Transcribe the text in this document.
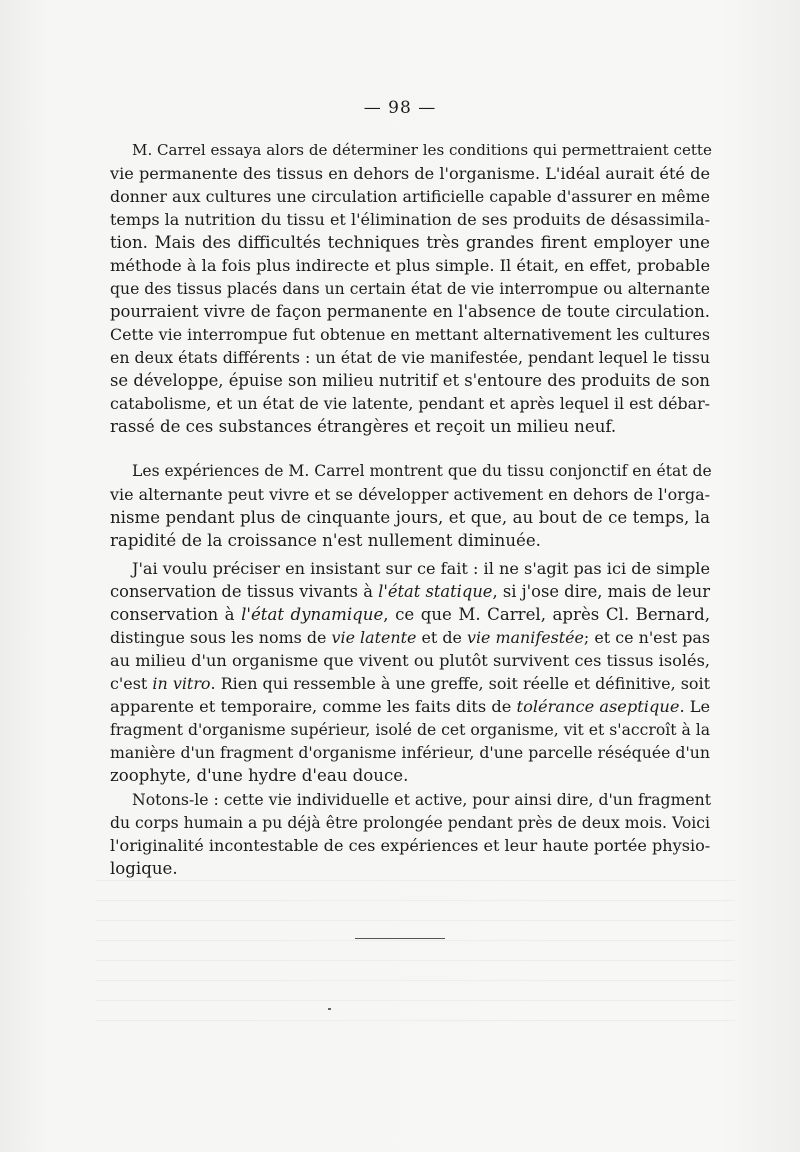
— 98 —
M. Carrel essaya alors de déterminer les conditions qui permettraient cette
vie permanente des tissus en dehors de l'organisme. L'idéal aurait été de
donner aux cultures une circulation artificielle capable d'assurer en même
temps la nutrition du tissu et l'élimination de ses produits de désassimila-
tion. Mais des difficultés techniques très grandes firent employer une
méthode à la fois plus indirecte et plus simple. Il était, en effet, probable
que des tissus placés dans un certain état de vie interrompue ou alternante
pourraient vivre de façon permanente en l'absence de toute circulation.
Cette vie interrompue fut obtenue en mettant alternativement les cultures
en deux états différents : un état de vie manifestée, pendant lequel le tissu
se développe, épuise son milieu nutritif et s'entoure des produits de son
catabolisme, et un état de vie latente, pendant et après lequel il est débar-
rassé de ces substances étrangères et reçoit un milieu neuf.
Les expériences de M. Carrel montrent que du tissu conjonctif en état de
vie alternante peut vivre et se développer activement en dehors de l'orga-
nisme pendant plus de cinquante jours, et que, au bout de ce temps, la
rapidité de la croissance n'est nullement diminuée.
J'ai voulu préciser en insistant sur ce fait : il ne s'agit pas ici de simple
conservation de tissus vivants à l'état statique, si j'ose dire, mais de leur
conservation à l'état dynamique, ce que M. Carrel, après Cl. Bernard,
distingue sous les noms de vie latente et de vie manifestée; et ce n'est pas
au milieu d'un organisme que vivent ou plutôt survivent ces tissus isolés,
c'est in vitro. Rien qui ressemble à une greffe, soit réelle et définitive, soit
apparente et temporaire, comme les faits dits de tolérance aseptique. Le
fragment d'organisme supérieur, isolé de cet organisme, vit et s'accroît à la
manière d'un fragment d'organisme inférieur, d'une parcelle réséquée d'un
zoophyte, d'une hydre d'eau douce.
Notons-le : cette vie individuelle et active, pour ainsi dire, d'un fragment
du corps humain a pu déjà être prolongée pendant près de deux mois. Voici
l'originalité incontestable de ces expériences et leur haute portée physio-
logique.
